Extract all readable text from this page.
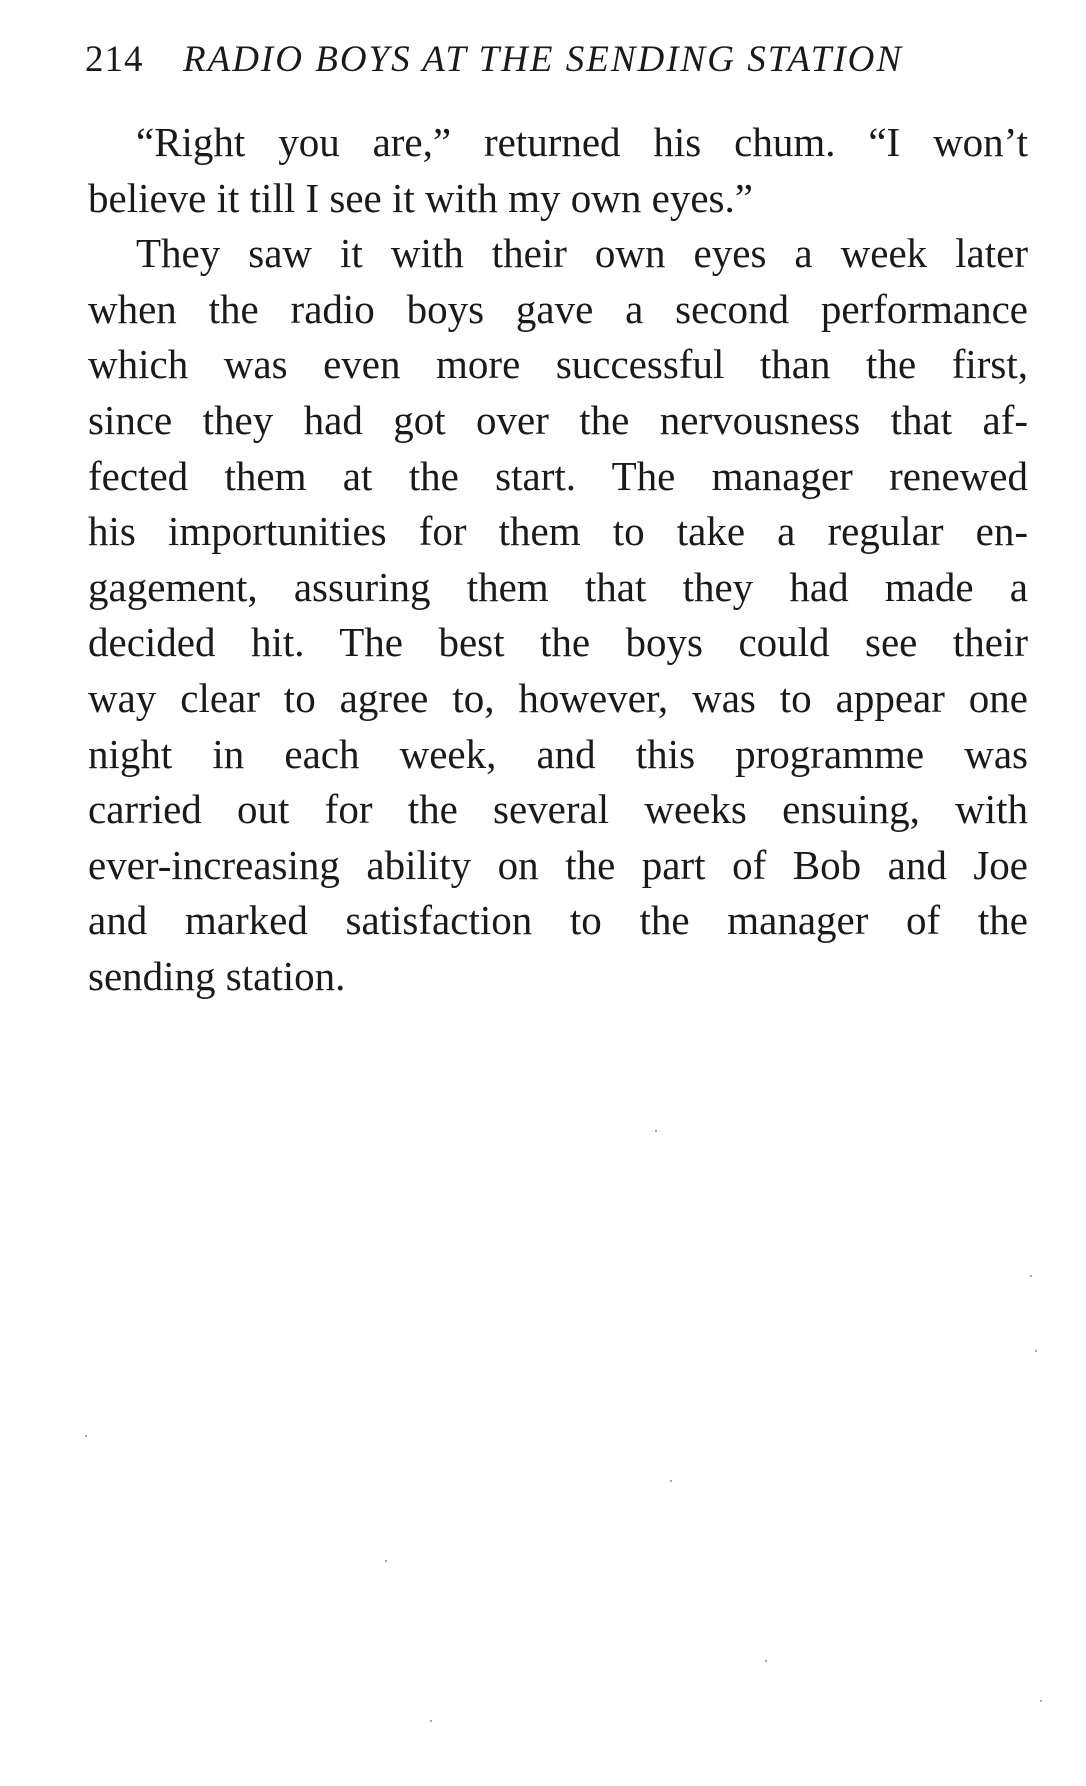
214 RADIO BOYS AT THE SENDING STATION
“Right you are,” returned his chum. “I won’t
believe it till I see it with my own eyes.”
They saw it with their own eyes a week later
when the radio boys gave a second performance
which was even more successful than the first,
since they had got over the nervousness that af-
fected them at the start. The manager renewed
his importunities for them to take a regular en-
gagement, assuring them that they had made a
decided hit. The best the boys could see their
way clear to agree to, however, was to appear one
night in each week, and this programme was
carried out for the several weeks ensuing, with
ever-increasing ability on the part of Bob and Joe
and marked satisfaction to the manager of the
sending station.
